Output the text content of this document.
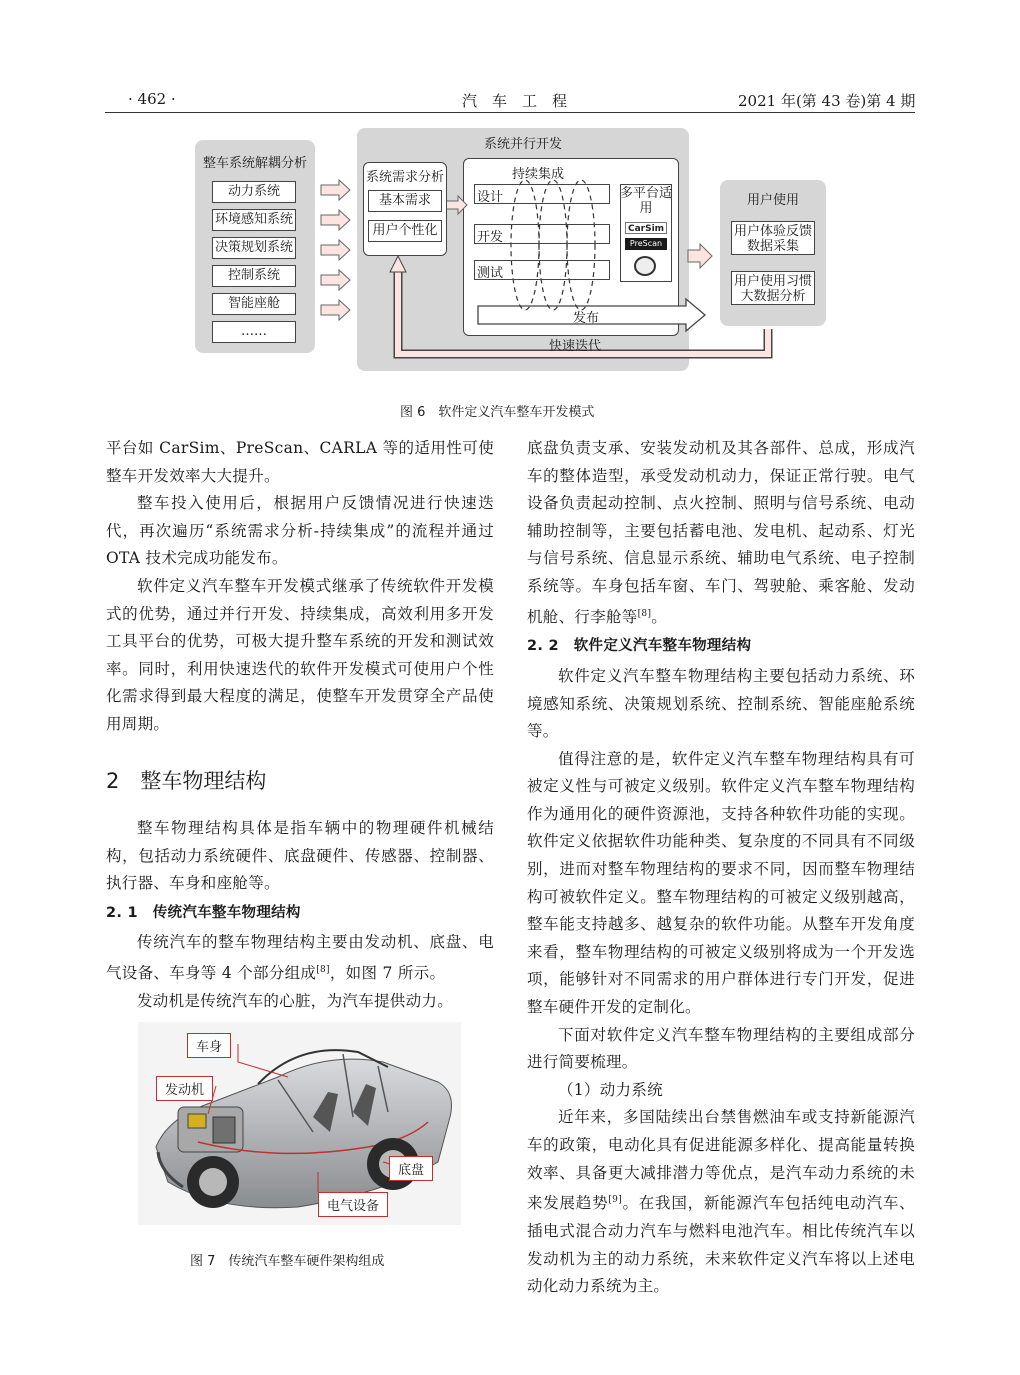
· 462 ·	汽　车　工　程	2021 年(第 43 卷)第 4 期
整车系统解耦分析
动力系统
环境感知系统
决策规划系统
控制系统
智能座舱
……
系统并行开发
系统需求分析
基本需求
用户个性化
持续集成
设计
开发
测试
多平台适用
CarSim
PreScan
发布
快速迭代
用户使用
用户体验反馈数据采集
用户使用习惯大数据分析
图 6　软件定义汽车整车开发模式

平台如 CarSim、PreScan、CARLA 等的适用性可使整车开发效率大大提升。

整车投入使用后，根据用户反馈情况进行快速迭代，再次遍历“系统需求分析-持续集成”的流程并通过 OTA 技术完成功能发布。

软件定义汽车整车开发模式继承了传统软件开发模式的优势，通过并行开发、持续集成，高效利用多开发工具平台的优势，可极大提升整车系统的开发和测试效率。同时，利用快速迭代的软件开发模式可使用户个性化需求得到最大程度的满足，使整车开发贯穿全产品使用周期。

2　整车物理结构

整车物理结构具体是指车辆中的物理硬件机械结构，包括动力系统硬件、底盘硬件、传感器、控制器、执行器、车身和座舱等。

2. 1　传统汽车整车物理结构

传统汽车的整车物理结构主要由发动机、底盘、电气设备、车身等 4 个部分组成[8]，如图 7 所示。

发动机是传统汽车的心脏，为汽车提供动力。

车身
发动机
底盘
电气设备
图 7　传统汽车整车硬件架构组成

底盘负责支承、安装发动机及其各部件、总成，形成汽车的整体造型，承受发动机动力，保证正常行驶。电气设备负责起动控制、点火控制、照明与信号系统、电动辅助控制等，主要包括蓄电池、发电机、起动系、灯光与信号系统、信息显示系统、辅助电气系统、电子控制系统等。车身包括车窗、车门、驾驶舱、乘客舱、发动机舱、行李舱等[8]。

2. 2　软件定义汽车整车物理结构

软件定义汽车整车物理结构主要包括动力系统、环境感知系统、决策规划系统、控制系统、智能座舱系统等。

值得注意的是，软件定义汽车整车物理结构具有可被定义性与可被定义级别。软件定义汽车整车物理结构作为通用化的硬件资源池，支持各种软件功能的实现。软件定义依据软件功能种类、复杂度的不同具有不同级别，进而对整车物理结构的要求不同，因而整车物理结构可被软件定义。整车物理结构的可被定义级别越高，整车能支持越多、越复杂的软件功能。从整车开发角度来看，整车物理结构的可被定义级别将成为一个开发选项，能够针对不同需求的用户群体进行专门开发，促进整车硬件开发的定制化。

下面对软件定义汽车整车物理结构的主要组成部分进行简要梳理。

（1）动力系统

近年来，多国陆续出台禁售燃油车或支持新能源汽车的政策，电动化具有促进能源多样化、提高能量转换效率、具备更大减排潜力等优点，是汽车动力系统的未来发展趋势[9]。在我国，新能源汽车包括纯电动汽车、插电式混合动力汽车与燃料电池汽车。相比传统汽车以发动机为主的动力系统，未来软件定义汽车将以上述电动化动力系统为主。
